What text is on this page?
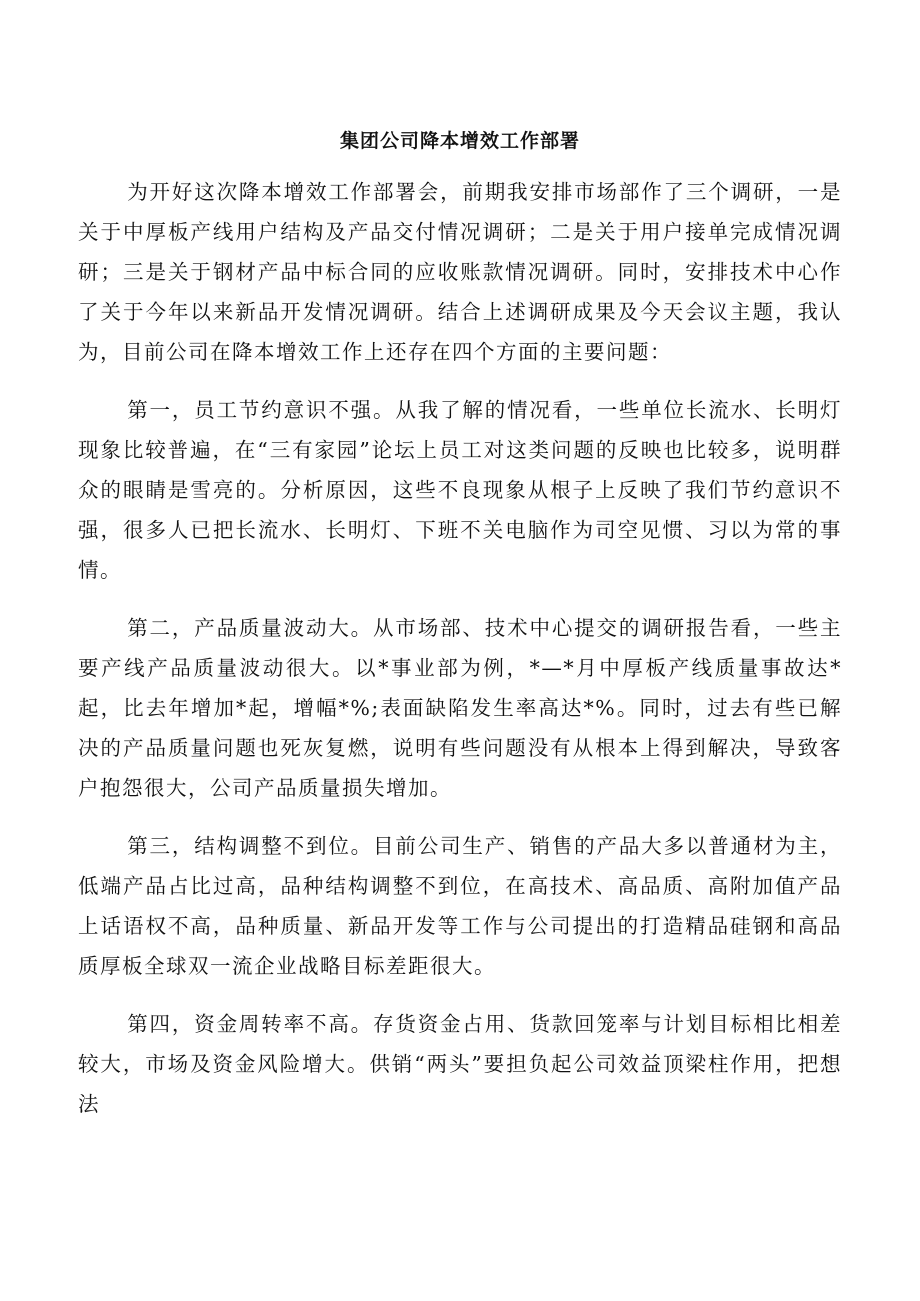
集团公司降本增效工作部署

为开好这次降本增效工作部署会，前期我安排市场部作了三个调研，一是关于中厚板产线用户结构及产品交付情况调研；二是关于用户接单完成情况调研；三是关于钢材产品中标合同的应收账款情况调研。同时，安排技术中心作了关于今年以来新品开发情况调研。结合上述调研成果及今天会议主题，我认为，目前公司在降本增效工作上还存在四个方面的主要问题：

第一，员工节约意识不强。从我了解的情况看，一些单位长流水、长明灯现象比较普遍，在“三有家园”论坛上员工对这类问题的反映也比较多，说明群众的眼睛是雪亮的。分析原因，这些不良现象从根子上反映了我们节约意识不强，很多人已把长流水、长明灯、下班不关电脑作为司空见惯、习以为常的事情。

第二，产品质量波动大。从市场部、技术中心提交的调研报告看，一些主要产线产品质量波动很大。以*事业部为例，*—*月中厚板产线质量事故达*起，比去年增加*起，增幅*%;表面缺陷发生率高达*%。同时，过去有些已解决的产品质量问题也死灰复燃，说明有些问题没有从根本上得到解决，导致客户抱怨很大，公司产品质量损失增加。

第三，结构调整不到位。目前公司生产、销售的产品大多以普通材为主，低端产品占比过高，品种结构调整不到位，在高技术、高品质、高附加值产品上话语权不高，品种质量、新品开发等工作与公司提出的打造精品硅钢和高品质厚板全球双一流企业战略目标差距很大。

第四，资金周转率不高。存货资金占用、货款回笼率与计划目标相比相差较大，市场及资金风险增大。供销“两头”要担负起公司效益顶梁柱作用，把想法
